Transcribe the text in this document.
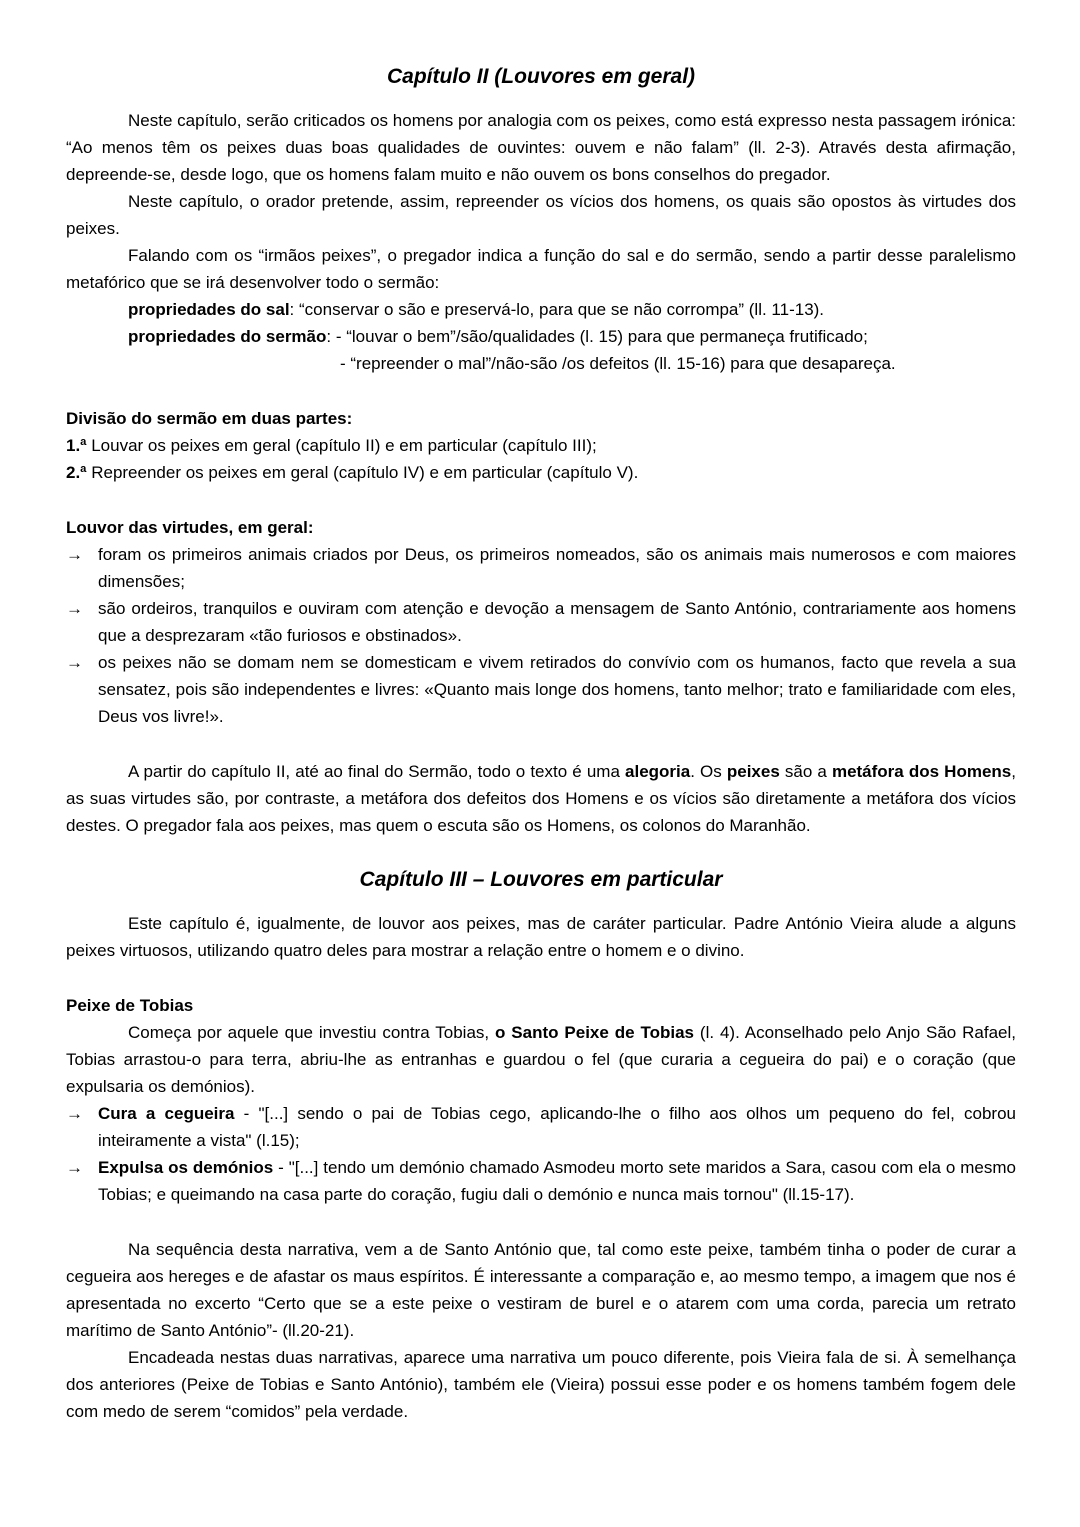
Capítulo II (Louvores em geral)

Neste capítulo, serão criticados os homens por analogia com os peixes, como está expresso nesta passagem irónica: “Ao menos têm os peixes duas boas qualidades de ouvintes: ouvem e não falam” (ll. 2-3). Através desta afirmação, depreende-se, desde logo, que os homens falam muito e não ouvem os bons conselhos do pregador.

Neste capítulo, o orador pretende, assim, repreender os vícios dos homens, os quais são opostos às virtudes dos peixes.

Falando com os “irmãos peixes”, o pregador indica a função do sal e do sermão, sendo a partir desse paralelismo metafórico que se irá desenvolver todo o sermão:

propriedades do sal: “conservar o são e preservá-lo, para que se não corrompa” (ll. 11-13).

propriedades do sermão: - “louvar o bem”/são/qualidades (l. 15) para que permaneça frutificado;

- “repreender o mal”/não-são /os defeitos (ll. 15-16) para que desapareça.

Divisão do sermão em duas partes:

1.ª Louvar os peixes em geral (capítulo II) e em particular (capítulo III);

2.ª Repreender os peixes em geral (capítulo IV) e em particular (capítulo V).

Louvor das virtudes, em geral:

→ foram os primeiros animais criados por Deus, os primeiros nomeados, são os animais mais numerosos e com maiores dimensões;
→ são ordeiros, tranquilos e ouviram com atenção e devoção a mensagem de Santo António, contrariamente aos homens que a desprezaram «tão furiosos e obstinados».
→ os peixes não se domam nem se domesticam e vivem retirados do convívio com os humanos, facto que revela a sua sensatez, pois são independentes e livres: «Quanto mais longe dos homens, tanto melhor; trato e familiaridade com eles, Deus vos livre!».

A partir do capítulo II, até ao final do Sermão, todo o texto é uma alegoria. Os peixes são a metáfora dos Homens, as suas virtudes são, por contraste, a metáfora dos defeitos dos Homens e os vícios são diretamente a metáfora dos vícios destes. O pregador fala aos peixes, mas quem o escuta são os Homens, os colonos do Maranhão.

Capítulo III – Louvores em particular

Este capítulo é, igualmente, de louvor aos peixes, mas de caráter particular. Padre António Vieira alude a alguns peixes virtuosos, utilizando quatro deles para mostrar a relação entre o homem e o divino.

Peixe de Tobias

Começa por aquele que investiu contra Tobias, o Santo Peixe de Tobias (l. 4). Aconselhado pelo Anjo São Rafael, Tobias arrastou-o para terra, abriu-lhe as entranhas e guardou o fel (que curaria a cegueira do pai) e o coração (que expulsaria os demónios).

→ Cura a cegueira - "[...] sendo o pai de Tobias cego, aplicando-lhe o filho aos olhos um pequeno do fel, cobrou inteiramente a vista" (l.15);
→ Expulsa os demónios - "[...] tendo um demónio chamado Asmodeu morto sete maridos a Sara, casou com ela o mesmo Tobias; e queimando na casa parte do coração, fugiu dali o demónio e nunca mais tornou" (ll.15-17).

Na sequência desta narrativa, vem a de Santo António que, tal como este peixe, também tinha o poder de curar a cegueira aos hereges e de afastar os maus espíritos. É interessante a comparação e, ao mesmo tempo, a imagem que nos é apresentada no excerto “Certo que se a este peixe o vestiram de burel e o atarem com uma corda, parecia um retrato marítimo de Santo António”- (ll.20-21).

Encadeada nestas duas narrativas, aparece uma narrativa um pouco diferente, pois Vieira fala de si. À semelhança dos anteriores (Peixe de Tobias e Santo António), também ele (Vieira) possui esse poder e os homens também fogem dele com medo de serem “comidos” pela verdade.
